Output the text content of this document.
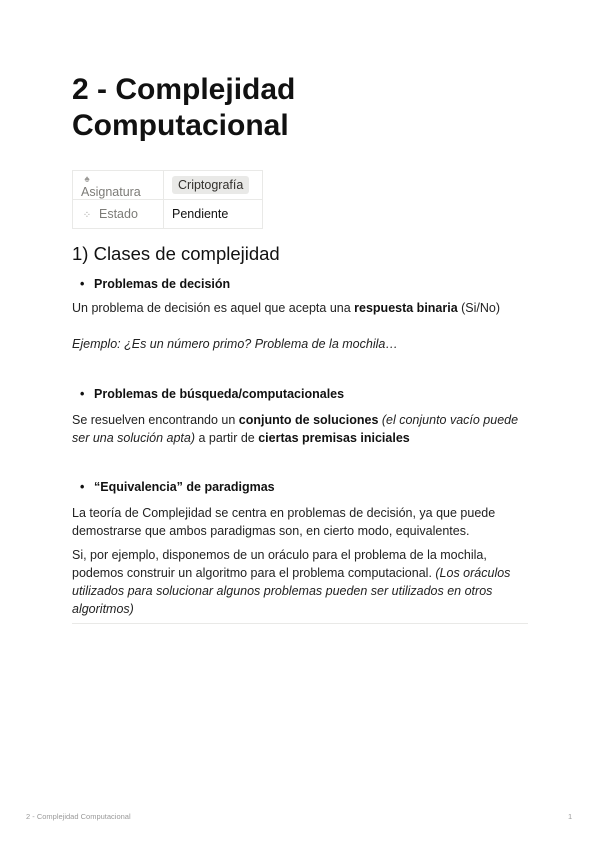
2 - Complejidad Computacional
♠Asignatura	Criptografía
⁘ Estado	Pendiente
1) Clases de complejidad

• Problemas de decisión

Un problema de decisión es aquel que acepta una respuesta binaria (Si/No)

Ejemplo: ¿Es un número primo? Problema de la mochila…

• Problemas de búsqueda/computacionales

Se resuelven encontrando un conjunto de soluciones (el conjunto vacío puede ser una solución apta) a partir de ciertas premisas iniciales

• “Equivalencia” de paradigmas

La teoría de Complejidad se centra en problemas de decisión, ya que puede demostrarse que ambos paradigmas son, en cierto modo, equivalentes.

Si, por ejemplo, disponemos de un oráculo para el problema de la mochila, podemos construir un algoritmo para el problema computacional. (Los oráculos utilizados para solucionar algunos problemas pueden ser utilizados en otros algoritmos)

2 - Complejidad Computacional	1
